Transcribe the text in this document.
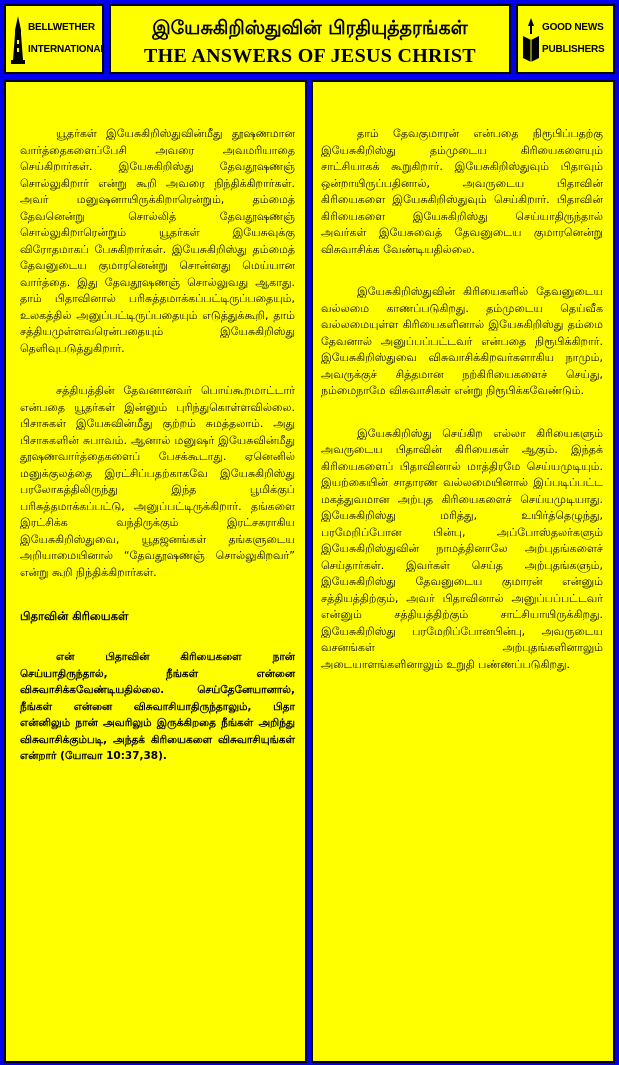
BELLWETHER
INTERNATIONAL
இயேசுகிறிஸ்துவின் பிரதியுத்தரங்கள்
THE ANSWERS OF JESUS CHRIST
GOOD NEWS
PUBLISHERS

யூதர்கள் இயேசுகிறிஸ்துவின்மீது தூஷணமான வார்த்தைகளைப்பேசி அவரை அவமரியாதை செய்கிறார்கள். இயேசுகிறிஸ்து தேவதூஷணஞ் சொல்லுகிறார் என்று கூறி அவரை நிந்திக்கிறார்கள். அவர் மனுஷனாயிருக்கிறாரென்றும், தம்மைத் தேவனென்று சொல்லித் தேவதூஷணஞ் சொல்லுகிறாரென்றும் யூதர்கள் இயேசுவுக்கு விரோதமாகப் பேசுகிறார்கள். இயேசுகிறிஸ்து தம்மைத் தேவனுடைய குமாரனென்று சொன்னது மெய்யான வார்த்தை. இது தேவதூஷணஞ் சொல்லுவது ஆகாது. தாம் பிதாவினால் பரிசுத்தமாக்கப்பட்டிருப்பதையும், உலகத்தில் அனுப்பட்டிருப்பதையும் எடுத்துக்கூறி, தாம் சத்தியமுள்ளவரென்பதையும் இயேசுகிறிஸ்து தெளிவுபடுத்துகிறார்.

சத்தியத்தின் தேவனானவர் பொய்கூறமாட்டார் என்பதை யூதர்கள் இன்னும் புரிந்துகொள்ளவில்லை. பிசாசுகள் இயேசுவின்மீது குற்றம் சுமத்தலாம். அது பிசாசுகளின் சுபாவம். ஆனால் மனுஷர் இயேசுவின்மீது தூஷணவார்த்தைகளைப் பேசக்கூடாது. ஏனெனில் மனுக்குலத்தை இரட்சிப்பதற்காகவே இயேசுகிறிஸ்து பரலோகத்திலிருந்து இந்த பூமிக்குப் பரிசுத்தமாக்கப்பட்டு, அனுப்பட்டிருக்கிறார். தங்களை இரட்சிக்க வந்திருக்கும் இரட்சகராகிய இயேசுகிறிஸ்துவை, யூதஜனங்கள் தங்களுடைய அறியாமையினால் “தேவதூஷணஞ் சொல்லுகிறவர்” என்று கூறி நிந்திக்கிறார்கள்.

பிதாவின் கிரியைகள்

என் பிதாவின் கிரியைகளை நான் செய்யாதிருந்தால், நீங்கள் என்னை விசுவாசிக்கவேண்டியதில்லை. செய்தேனேயானால், நீங்கள் என்னை விசுவாசியாதிருந்தாலும், பிதா என்னிலும் நான் அவரிலும் இருக்கிறதை நீங்கள் அறிந்து விசுவாசிக்கும்படி, அந்தக் கிரியைகளை விசுவாசியுங்கள் என்றார் (யோவா 10:37,38).

தாம் தேவகுமாரன் என்பதை நிரூபிப்பதற்கு இயேசுகிறிஸ்து தம்முடைய கிரியைகளையும் சாட்சியாகக் கூறுகிறார். இயேசுகிறிஸ்துவும் பிதாவும் ஒன்றாயிருப்பதினால், அவருடைய பிதாவின் கிரியைகளை இயேசுகிறிஸ்துவும் செய்கிறார். பிதாவின் கிரியைகளை இயேசுகிறிஸ்து செய்யாதிருந்தால் அவர்கள் இயேசுவைத் தேவனுடைய குமாரனென்று விசுவாசிக்க வேண்டியதில்லை.

இயேசுகிறிஸ்துவின் கிரியைகளில் தேவனுடைய வல்லமை காணப்படுகிறது. தம்முடைய தெய்வீக வல்லமையுள்ள கிரியைகளினால் இயேசுகிறிஸ்து தம்மை தேவனால் அனுப்பப்பட்டவர் என்பதை நிரூபிக்கிறார். இயேசுகிறிஸ்துவை விசுவாசிக்கிறவர்களாகிய நாமும், அவருக்குச் சித்தமான நற்கிரியைகளைச் செய்து, நம்மைநாமே விசுவாசிகள் என்று நிரூபிக்கவேண்டும்.

இயேசுகிறிஸ்து செய்கிற எல்லா கிரியைகளும் அவருடைய பிதாவின் கிரியைகள் ஆகும். இந்தக் கிரியைகளைப் பிதாவினால் மாத்திரமே செய்யமுடியும். இயற்கையின் சாதாரண வல்லமையினால் இப்படிப்பட்ட மகத்துவமான அற்புத கிரியைகளைச் செய்யமுடியாது. இயேசுகிறிஸ்து மரித்து, உயிர்த்தெழுந்து, பரமேறிப்போன பின்பு, அப்போஸ்தலர்களும் இயேசுகிறிஸ்துவின் நாமத்தினாலே அற்புதங்களைச் செய்தார்கள். இவர்கள் செய்த அற்புதங்களும், இயேசுகிறிஸ்து தேவனுடைய குமாரன் என்னும் சத்தியத்திற்கும், அவர் பிதாவினால் அனுப்பப்பட்டவர் என்னும் சத்தியத்திற்கும் சாட்சியாயிருக்கிறது. இயேசுகிறிஸ்து பரமேறிப்போனபின்பு, அவருடைய வசனங்கள் அற்புதங்களினாலும் அடையாளங்களினாலும் உறுதி பண்ணப்படுகிறது.
